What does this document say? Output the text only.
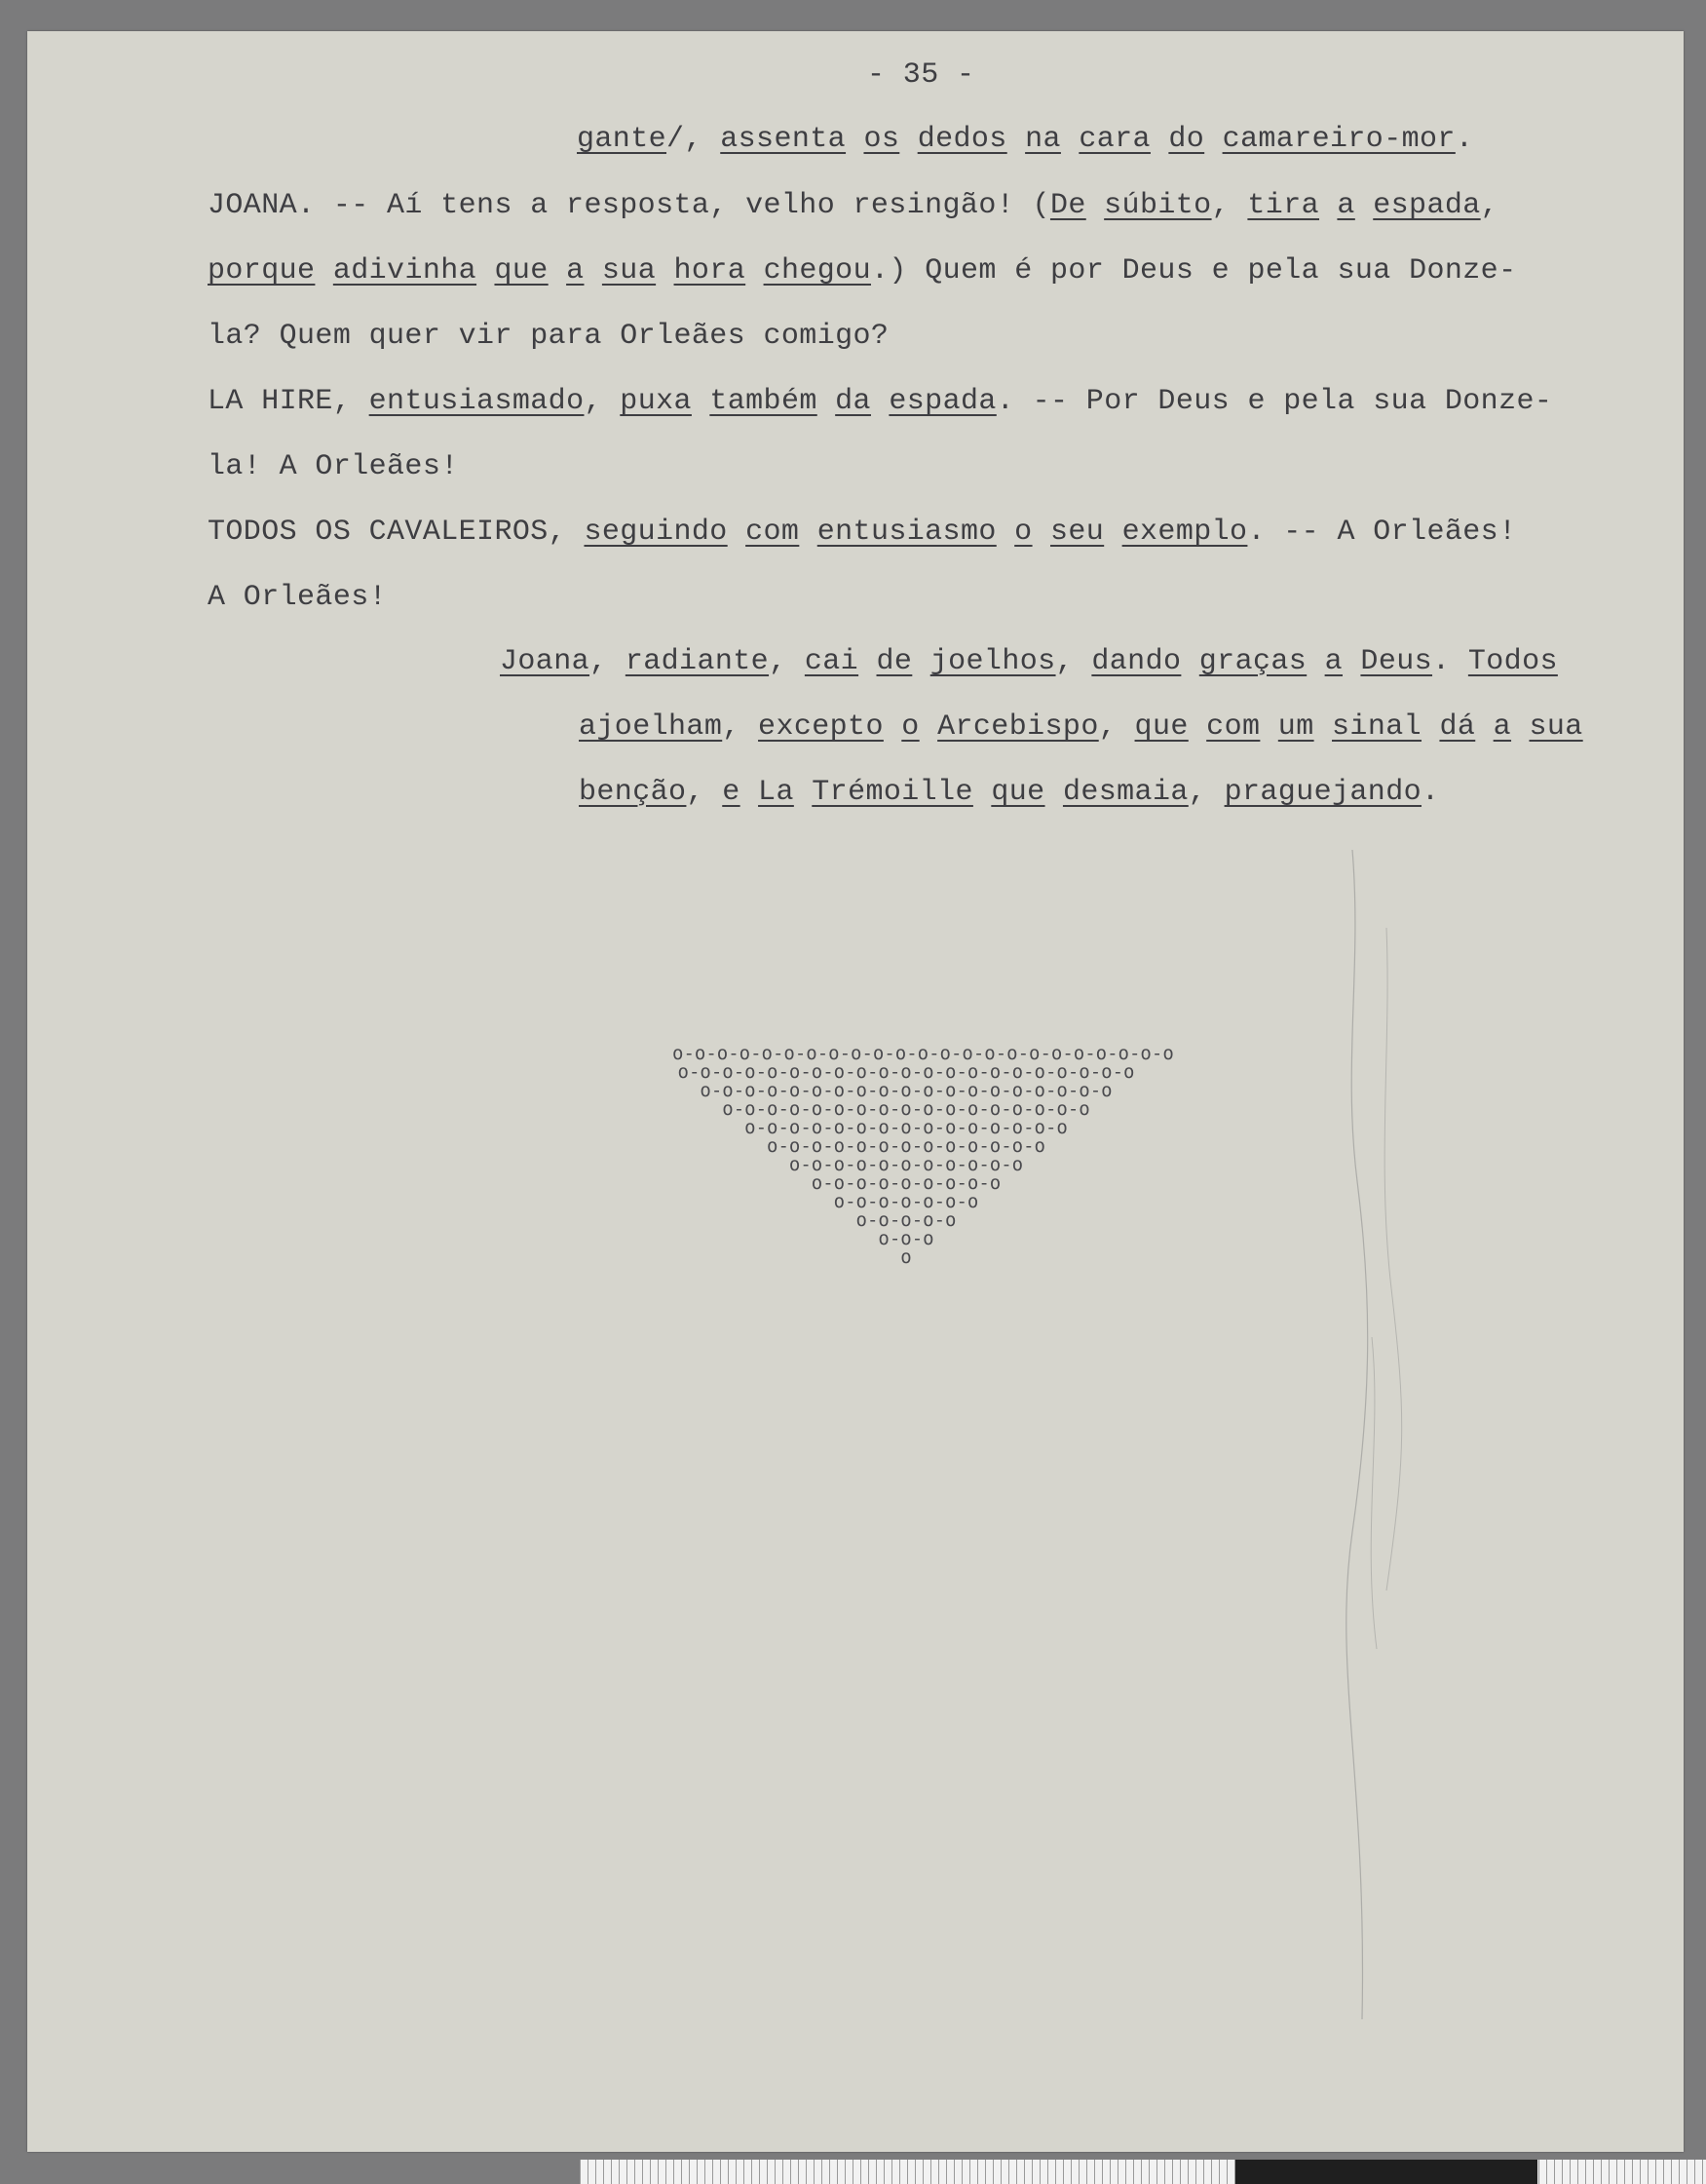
- 35 -
gante/, assenta os dedos na cara do camareiro-mor.
JOANA. -- Aí tens a resposta, velho resingão! (De súbito, tira a espada,
porque adivinha que a sua hora chegou.) Quem é por Deus e pela sua Donze-
la? Quem quer vir para Orleães comigo?
LA HIRE, entusiasmado, puxa também da espada. -- Por Deus e pela sua Donze-
la! A Orleães!
TODOS OS CAVALEIROS, seguindo com entusiasmo o seu exemplo. -- A Orleães!
A Orleães!
Joana, radiante, cai de joelhos, dando graças a Deus. Todos
ajoelham, excepto o Arcebispo, que com um sinal dá a sua
benção, e La Trémoille que desmaia, praguejando.
o-o-o-o-o-o-o-o-o-o-o-o-o-o-o-o-o-o-o-o-o-o-o
o-o-o-o-o-o-o-o-o-o-o-o-o-o-o-o-o-o-o-o-o
o-o-o-o-o-o-o-o-o-o-o-o-o-o-o-o-o-o-o
o-o-o-o-o-o-o-o-o-o-o-o-o-o-o-o-o
o-o-o-o-o-o-o-o-o-o-o-o-o-o-o
o-o-o-o-o-o-o-o-o-o-o-o-o
o-o-o-o-o-o-o-o-o-o-o
o-o-o-o-o-o-o-o-o
o-o-o-o-o-o-o
o-o-o-o-o
o-o-o
o
